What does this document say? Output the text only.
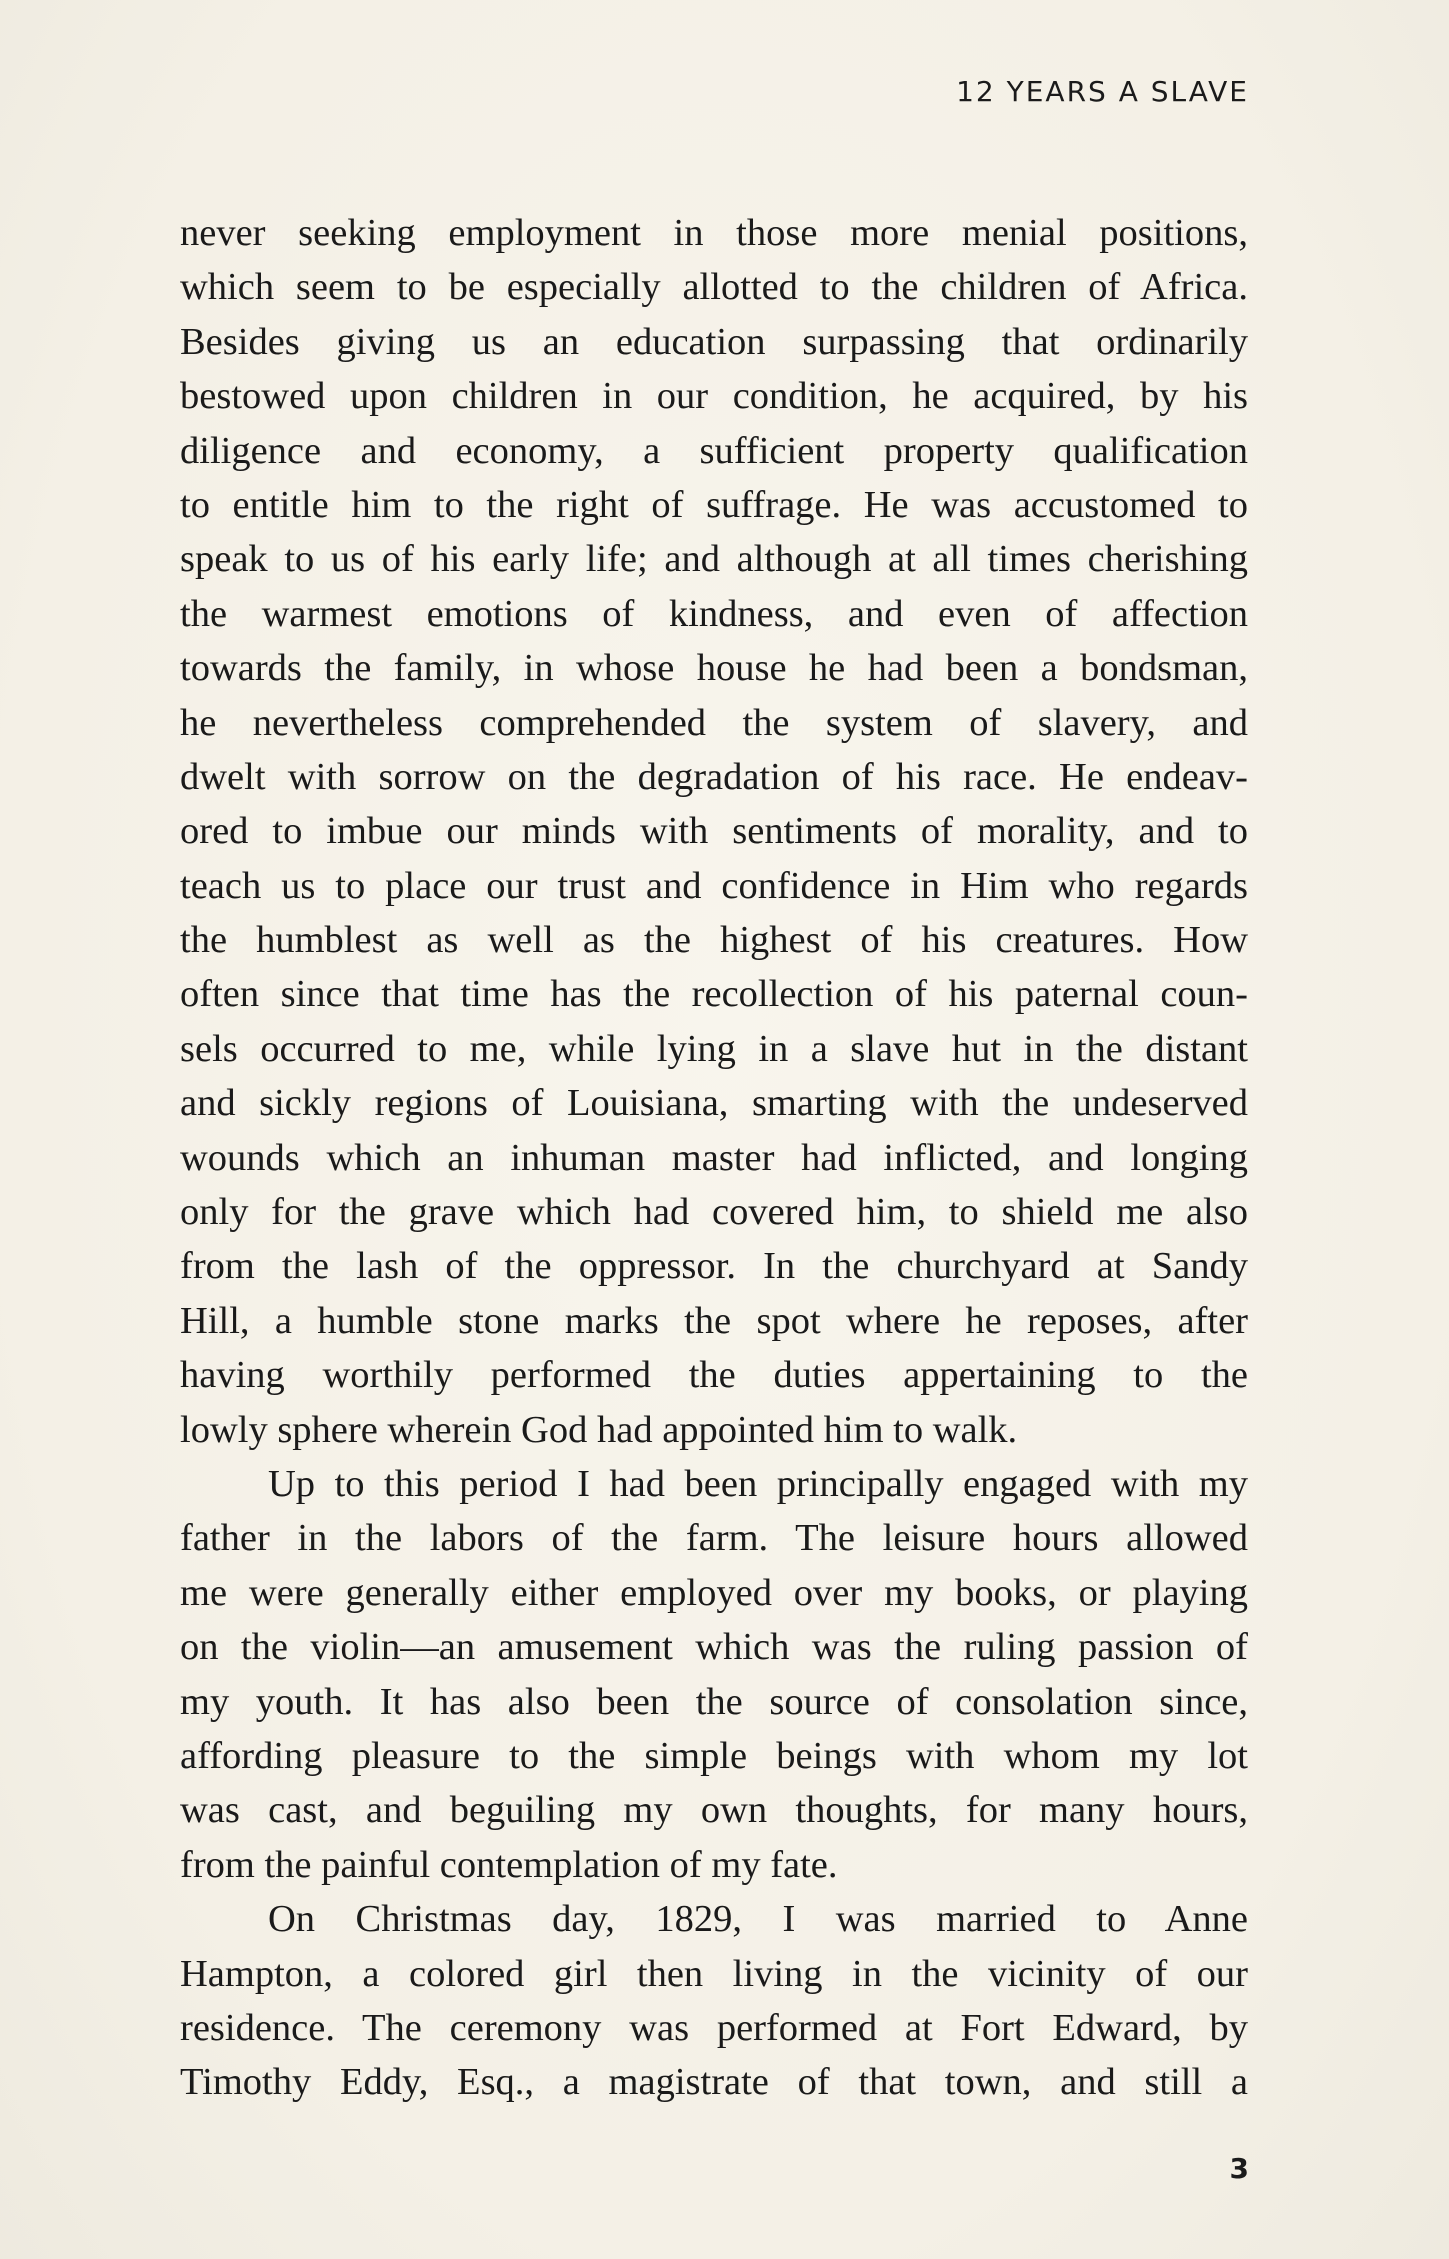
12 YEARS A SLAVE
never seeking employment in those more menial positions,
which seem to be especially allotted to the children of Africa.
Besides giving us an education surpassing that ordinarily
bestowed upon children in our condition, he acquired, by his
diligence and economy, a sufficient property qualification
to entitle him to the right of suffrage. He was accustomed to
speak to us of his early life; and although at all times cherishing
the warmest emotions of kindness, and even of affection
towards the family, in whose house he had been a bondsman,
he nevertheless comprehended the system of slavery, and
dwelt with sorrow on the degradation of his race. He endeav-
ored to imbue our minds with sentiments of morality, and to
teach us to place our trust and confidence in Him who regards
the humblest as well as the highest of his creatures. How
often since that time has the recollection of his paternal coun-
sels occurred to me, while lying in a slave hut in the distant
and sickly regions of Louisiana, smarting with the undeserved
wounds which an inhuman master had inflicted, and longing
only for the grave which had covered him, to shield me also
from the lash of the oppressor. In the churchyard at Sandy
Hill, a humble stone marks the spot where he reposes, after
having worthily performed the duties appertaining to the
lowly sphere wherein God had appointed him to walk.
Up to this period I had been principally engaged with my
father in the labors of the farm. The leisure hours allowed
me were generally either employed over my books, or playing
on the violin—an amusement which was the ruling passion of
my youth. It has also been the source of consolation since,
affording pleasure to the simple beings with whom my lot
was cast, and beguiling my own thoughts, for many hours,
from the painful contemplation of my fate.
On Christmas day, 1829, I was married to Anne
Hampton, a colored girl then living in the vicinity of our
residence. The ceremony was performed at Fort Edward, by
Timothy Eddy, Esq., a magistrate of that town, and still a
3
